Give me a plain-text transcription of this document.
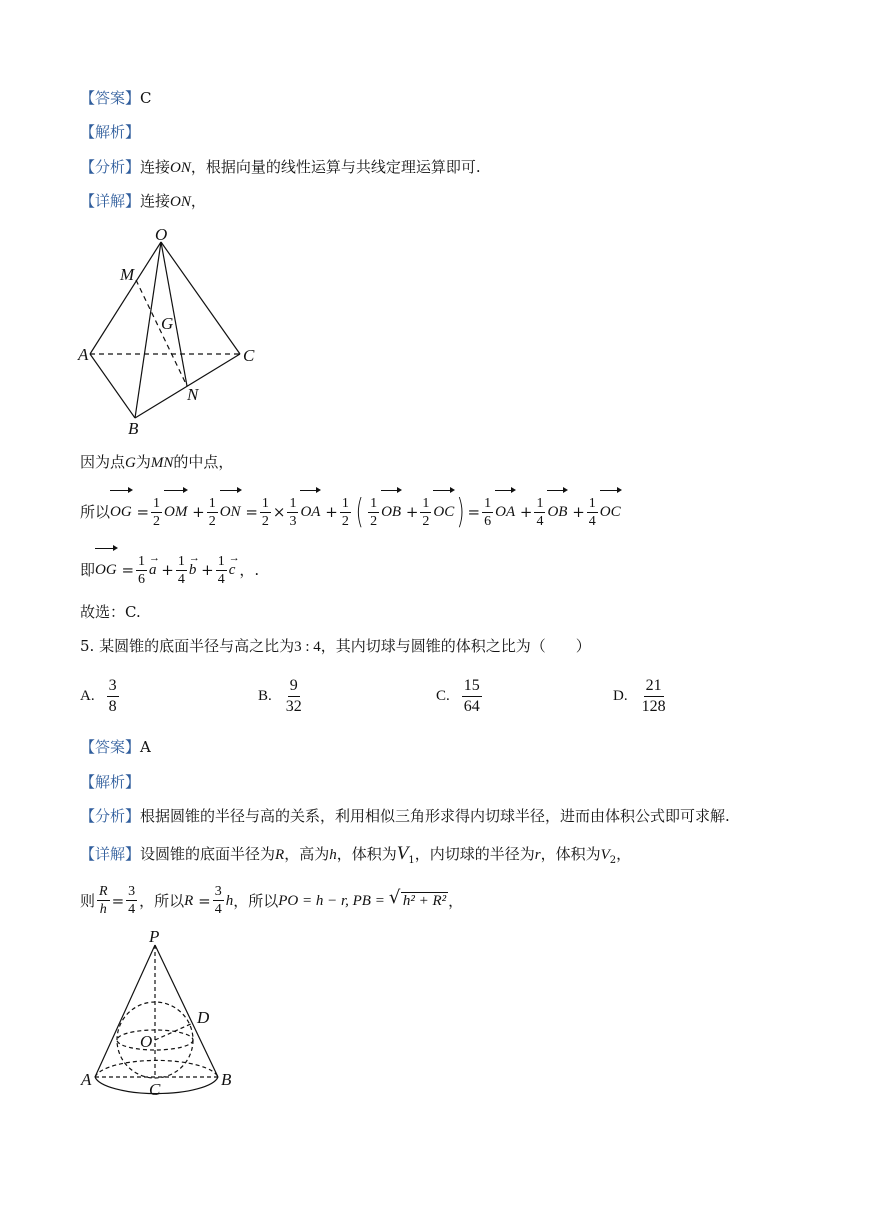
【答案】C
【解析】
【分析】连接ON，根据向量的线性运算与共线定理运算即可.
【详解】连接ON，
O
M
G
A	C
N
B
因为点G为MN的中点，
所以 OG = $\frac{1}{2}$ OM + $\frac{1}{2}$ ON = $\frac{1}{2} \times \frac{1}{3}$ OA + $\frac{1}{2}$ ( $\frac{1}{2}$ OB + $\frac{1}{2}$ OC ) = $\frac{1}{6}$ OA + $\frac{1}{4}$ OB + $\frac{1}{4}$ OC
即 OG = $\frac{1}{6}$
→ $a + \frac{1}{4}$
→ $b + \frac{1}{4}$
→ c ，.
故选：C.
5. 某圆锥的底面半径与高之比为3 : 4，其内切球与圆锥的体积之比为（　　）
A. $\frac{3}{8}$	B. $\frac{9}{32}$	C. $\frac{15}{64}$	D. $\frac{21}{128}$
【答案】A
【解析】
【分析】根据圆锥的半径与高的关系，利用相似三角形求得内切球半径，进而由体积公式即可求解.
【详解】设圆锥的底面半径为R，高为h，体积为$V_1$，内切球的半径为r，体积为$V_2$，
则 $\frac{R}{h} = \frac{3}{4}$ ，所以 R
= $\frac{3}{4}$ h ，所以 PO = h − r, PB = √ h² + R² ，
P
D
O
A
C
B
